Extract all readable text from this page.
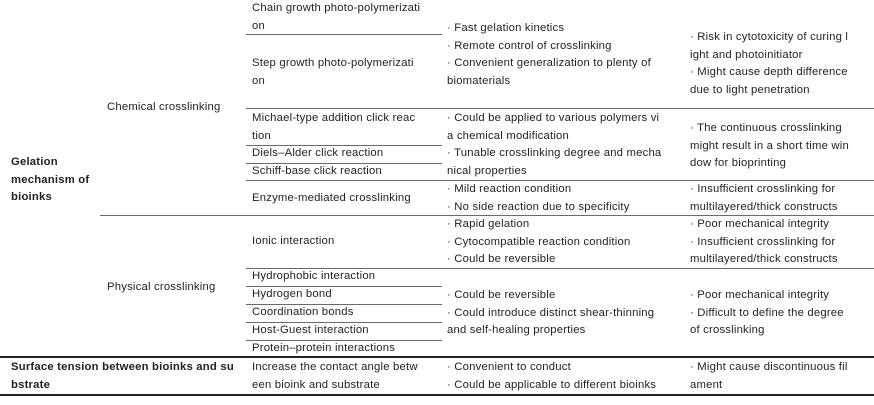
Gelation
mechanism of
bioinks
Surface tension between bioinks and su
bstrate
Chemical crosslinking
Physical crosslinking
Chain growth photo-polymerizati
on
Step growth photo-polymerizati
on
Michael-type addition click reac
tion
Diels–Alder click reaction
Schiff-base click reaction
Enzyme-mediated crosslinking
Ionic interaction
Hydrophobic interaction
Hydrogen bond
Coordination bonds
Host-Guest interaction
Protein–protein interactions
Increase the contact angle betw
een bioink and substrate
· Fast gelation kinetics
· Remote control of crosslinking
· Convenient generalization to plenty of
biomaterials
· Could be applied to various polymers vi
a chemical modification
· Tunable crosslinking degree and mecha
nical properties
· Mild reaction condition
· No side reaction due to specificity
· Rapid gelation
· Cytocompatible reaction condition
· Could be reversible
· Could be reversible
· Could introduce distinct shear-thinning
and self-healing properties
· Convenient to conduct
· Could be applicable to different bioinks
· Risk in cytotoxicity of curing l
ight and photoinitiator
· Might cause depth difference
due to light penetration
· The continuous crosslinking
might result in a short time win
dow for bioprinting
· Insufficient crosslinking for
multilayered/thick constructs
· Poor mechanical integrity
· Insufficient crosslinking for
multilayered/thick constructs
· Poor mechanical integrity
· Difficult to define the degree
of crosslinking
· Might cause discontinuous fil
ament
